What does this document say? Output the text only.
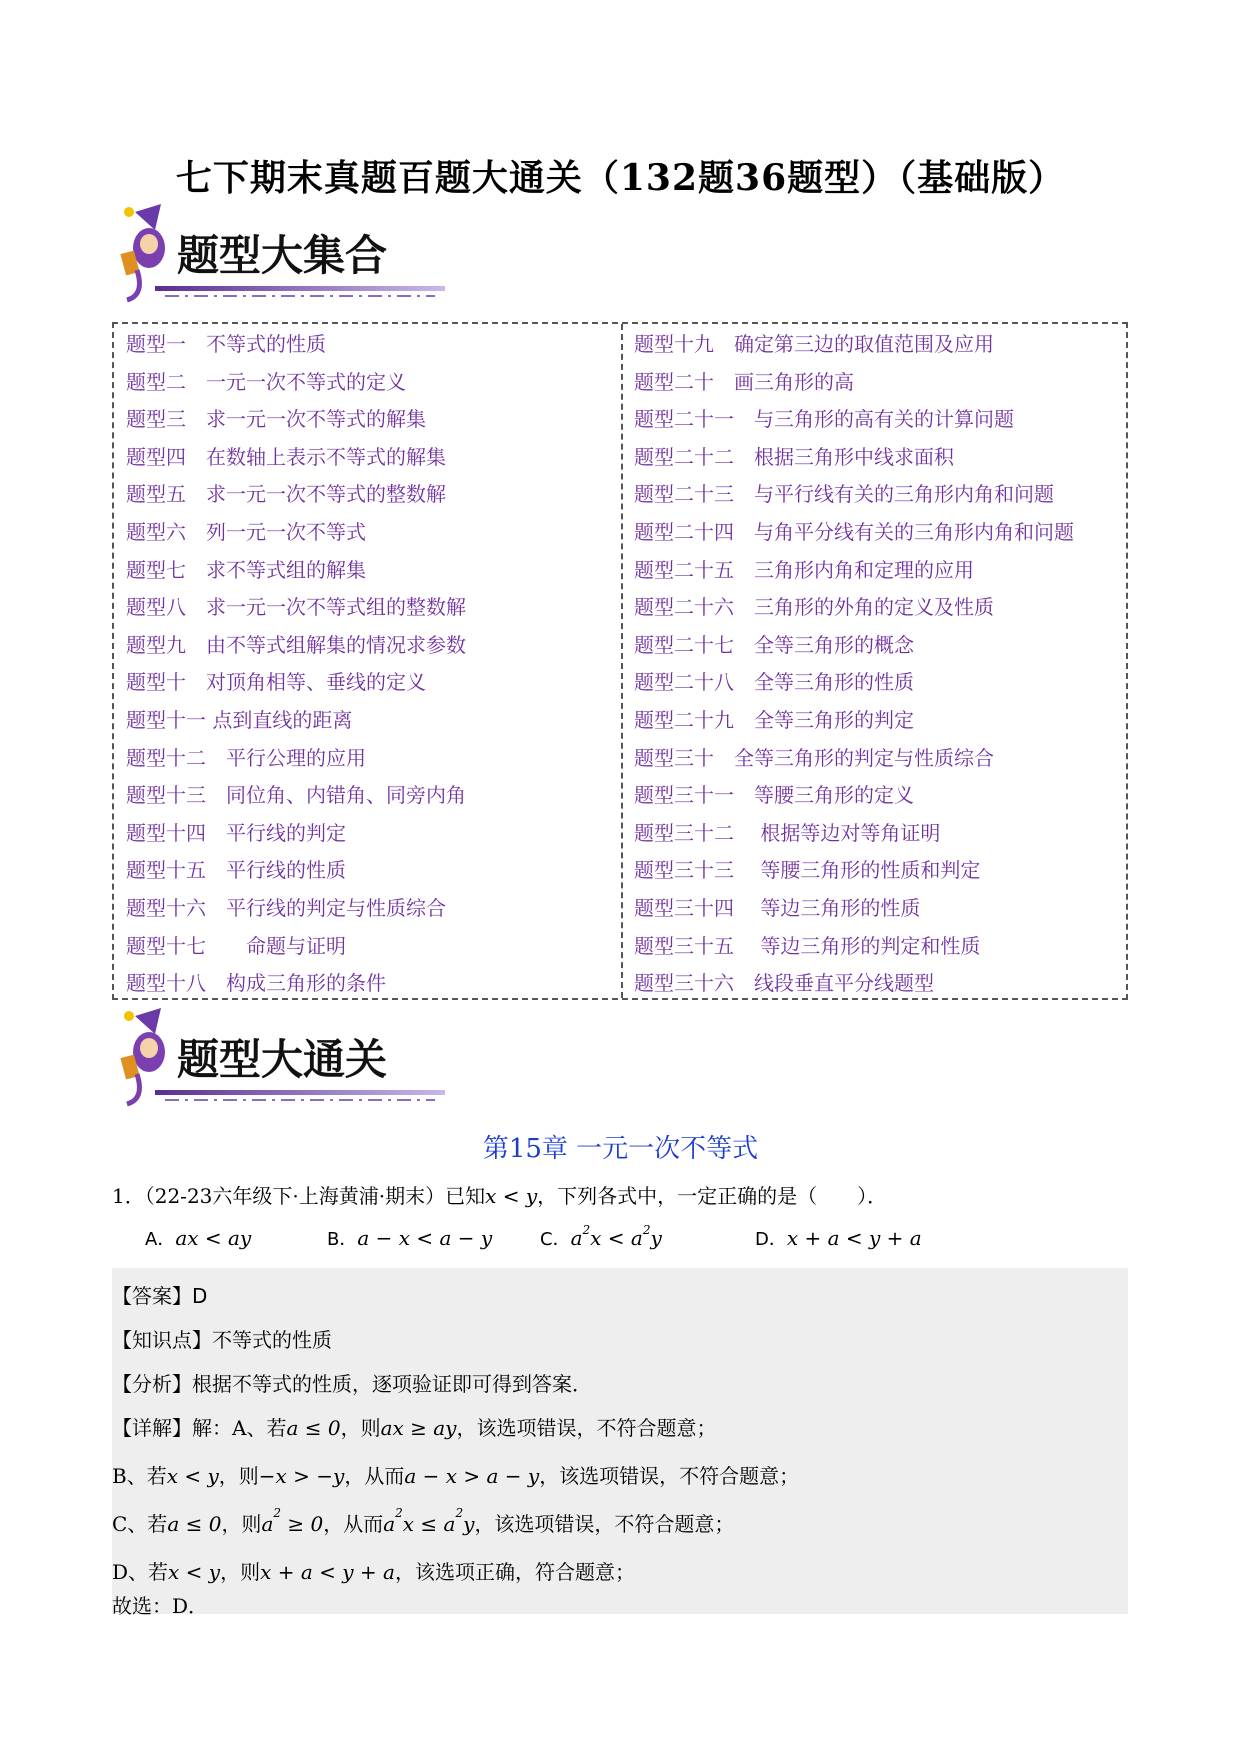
七下期末真题百题大通关（132题36题型）（基础版）
题型大集合
题型一　不等式的性质
题型二　一元一次不等式的定义
题型三　求一元一次不等式的解集
题型四　在数轴上表示不等式的解集
题型五　求一元一次不等式的整数解
题型六　列一元一次不等式
题型七　求不等式组的解集
题型八　求一元一次不等式组的整数解
题型九　由不等式组解集的情况求参数
题型十　对顶角相等、垂线的定义
题型十一 点到直线的距离
题型十二　平行公理的应用
题型十三　同位角、内错角、同旁内角
题型十四　平行线的判定
题型十五　平行线的性质
题型十六　平行线的判定与性质综合
题型十七　　命题与证明
题型十八　构成三角形的条件
题型十九　确定第三边的取值范围及应用
题型二十　画三角形的高
题型二十一　与三角形的高有关的计算问题
题型二十二　根据三角形中线求面积
题型二十三　与平行线有关的三角形内角和问题
题型二十四　与角平分线有关的三角形内角和问题
题型二十五　三角形内角和定理的应用
题型二十六　三角形的外角的定义及性质
题型二十七　全等三角形的概念
题型二十八　全等三角形的性质
题型二十九　全等三角形的判定
题型三十　全等三角形的判定与性质综合
题型三十一　等腰三角形的定义
题型三十二　 根据等边对等角证明
题型三十三　 等腰三角形的性质和判定
题型三十四　 等边三角形的性质
题型三十五　 等边三角形的判定和性质
题型三十六　线段垂直平分线题型
题型大通关
第15章 一元一次不等式
1．（22-23六年级下·上海黄浦·期末）已知x < y，下列各式中，一定正确的是（　　）．
A．ax < ay	B．a − x < a − y	C．$a^2x < a^2y$	D．x + a < y + a
【答案】D
【知识点】不等式的性质
【分析】根据不等式的性质，逐项验证即可得到答案．
【详解】解：A、若a ≤ 0，则ax ≥ ay，该选项错误，不符合题意；
B、若x < y，则−x > −y，从而a − x > a − y，该选项错误，不符合题意；
C、若a ≤ 0，则$a^2 \ge 0$，从而$a^2x \le a^2y$，该选项错误，不符合题意；
D、若x < y，则x + a < y + a，该选项正确，符合题意；
故选：D．
